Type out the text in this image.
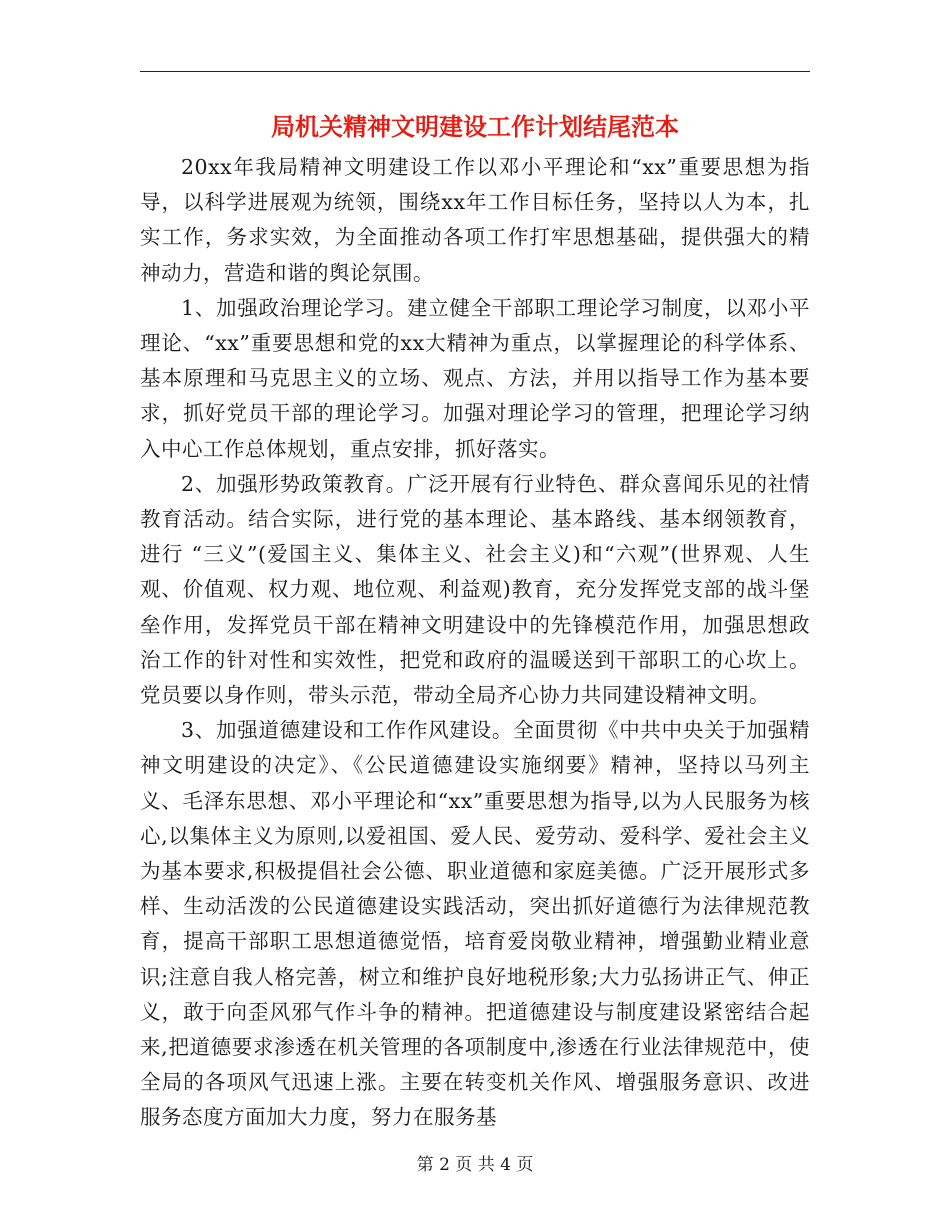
局机关精神文明建设工作计划结尾范本

20xx年我局精神文明建设工作以邓小平理论和“xx”重要思想为指导，以科学进展观为统领，围绕xx年工作目标任务，坚持以人为本，扎实工作，务求实效，为全面推动各项工作打牢思想基础，提供强大的精神动力，营造和谐的舆论氛围。

1、加强政治理论学习。建立健全干部职工理论学习制度，以邓小平理论、“xx”重要思想和党的xx大精神为重点，以掌握理论的科学体系、基本原理和马克思主义的立场、观点、方法，并用以指导工作为基本要求，抓好党员干部的理论学习。加强对理论学习的管理，把理论学习纳入中心工作总体规划，重点安排，抓好落实。

2、加强形势政策教育。广泛开展有行业特色、群众喜闻乐见的社情教育活动。结合实际，进行党的基本理论、基本路线、基本纲领教育，进行 “三义”(爱国主义、集体主义、社会主义)和“六观”(世界观、人生观、价值观、权力观、地位观、利益观)教育，充分发挥党支部的战斗堡垒作用，发挥党员干部在精神文明建设中的先锋模范作用，加强思想政治工作的针对性和实效性，把党和政府的温暖送到干部职工的心坎上。党员要以身作则，带头示范，带动全局齐心协力共同建设精神文明。

3、加强道德建设和工作作风建设。全面贯彻《中共中央关于加强精神文明建设的决定》、《公民道德建设实施纲要》精神，坚持以马列主义、毛泽东思想、邓小平理论和“xx”重要思想为指导,以为人民服务为核心,以集体主义为原则,以爱祖国、爱人民、爱劳动、爱科学、爱社会主义为基本要求,积极提倡社会公德、职业道德和家庭美德。广泛开展形式多样、生动活泼的公民道德建设实践活动，突出抓好道德行为法律规范教育，提高干部职工思想道德觉悟，培育爱岗敬业精神，增强勤业精业意识;注意自我人格完善，树立和维护良好地税形象;大力弘扬讲正气、伸正义，敢于向歪风邪气作斗争的精神。把道德建设与制度建设紧密结合起来,把道德要求渗透在机关管理的各项制度中,渗透在行业法律规范中，使全局的各项风气迅速上涨。主要在转变机关作风、增强服务意识、改进服务态度方面加大力度，努力在服务基

第 2 页 共 4 页
